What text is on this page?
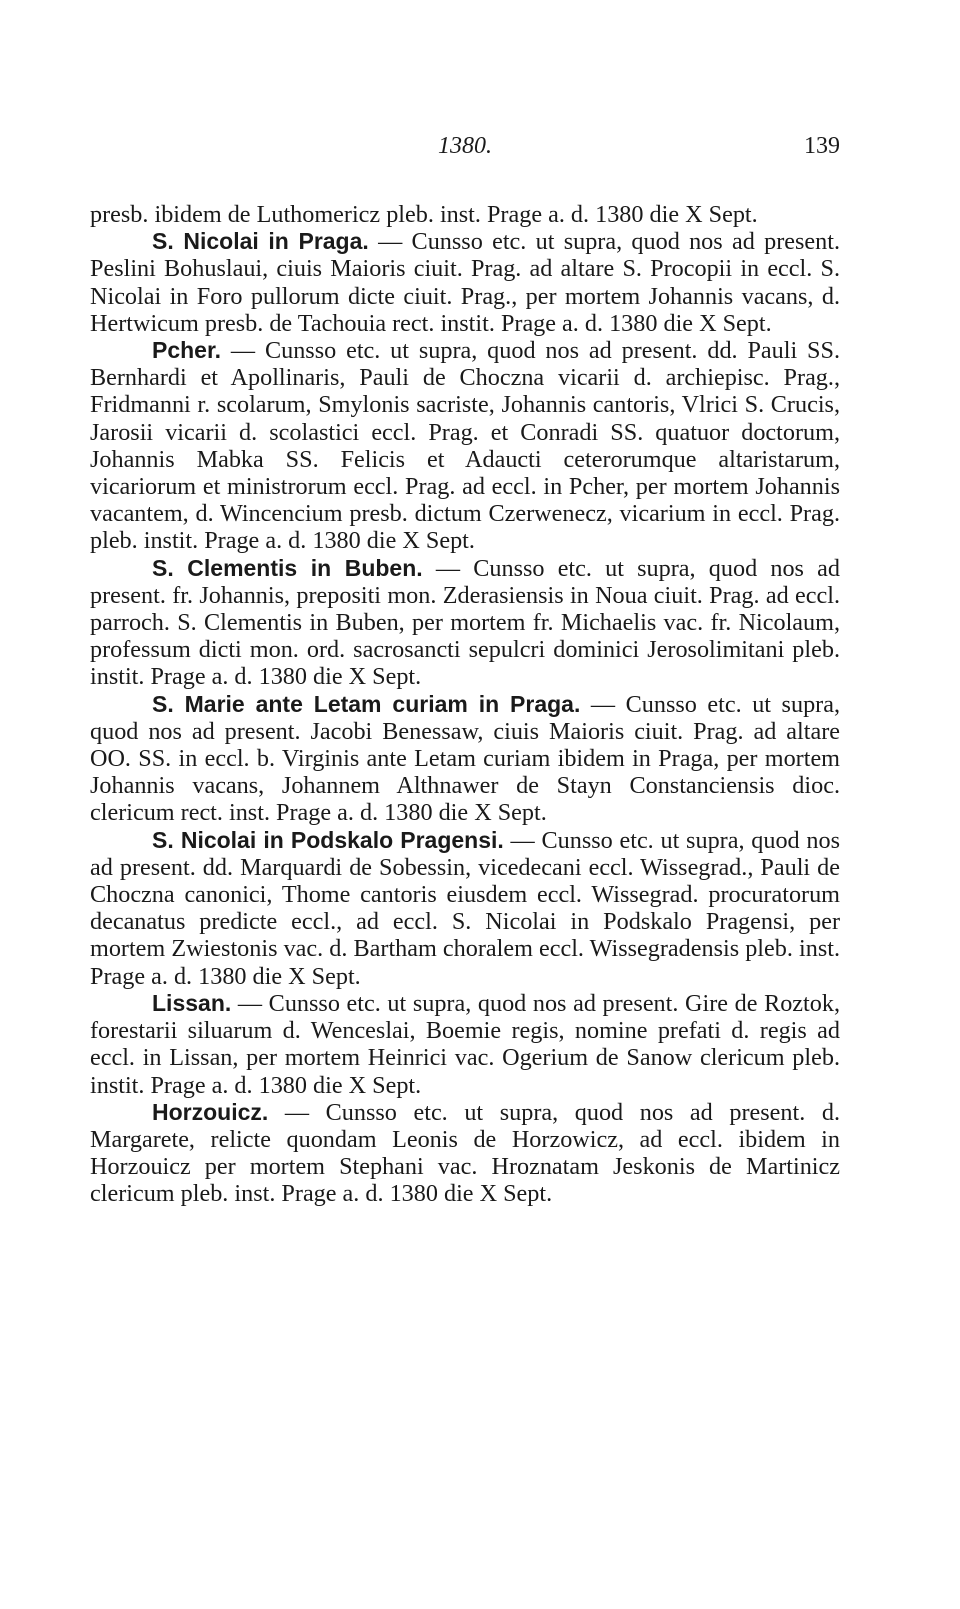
1380.	139

presb. ibidem de Luthomericz pleb. inst. Prage a. d. 1380 die X Sept.

S. Nicolai in Praga. — Cunsso etc. ut supra, quod nos ad present. Peslini Bohuslaui, ciuis Maioris ciuit. Prag. ad altare S. Procopii in eccl. S. Nicolai in Foro pullorum dicte ciuit. Prag., per mortem Johannis vacans, d. Hertwicum presb. de Tachouia rect. instit. Prage a. d. 1380 die X Sept.

Pcher. — Cunsso etc. ut supra, quod nos ad present. dd. Pauli SS. Bernhardi et Apollinaris, Pauli de Choczna vicarii d. archiepisc. Prag., Fridmanni r. scolarum, Smylonis sacriste, Johannis cantoris, Vlrici S. Crucis, Jarosii vicarii d. scolastici eccl. Prag. et Conradi SS. quatuor doctorum, Johannis Mabka SS. Felicis et Adaucti ceterorumque altaristarum, vicariorum et ministrorum eccl. Prag. ad eccl. in Pcher, per mortem Johannis vacantem, d. Wincencium presb. dictum Czerwenecz, vicarium in eccl. Prag. pleb. instit. Prage a. d. 1380 die X Sept.

S. Clementis in Buben. — Cunsso etc. ut supra, quod nos ad present. fr. Johannis, prepositi mon. Zderasiensis in Noua ciuit. Prag. ad eccl. parroch. S. Clementis in Buben, per mortem fr. Michaelis vac. fr. Nicolaum, professum dicti mon. ord. sacrosancti sepulcri dominici Jerosolimitani pleb. instit. Prage a. d. 1380 die X Sept.

S. Marie ante Letam curiam in Praga. — Cunsso etc. ut supra, quod nos ad present. Jacobi Benessaw, ciuis Maioris ciuit. Prag. ad altare OO. SS. in eccl. b. Virginis ante Letam curiam ibidem in Praga, per mortem Johannis vacans, Johannem Althnawer de Stayn Constanciensis dioc. clericum rect. inst. Prage a. d. 1380 die X Sept.

S. Nicolai in Podskalo Pragensi. — Cunsso etc. ut supra, quod nos ad present. dd. Marquardi de Sobessin, vicedecani eccl. Wissegrad., Pauli de Choczna canonici, Thome cantoris eiusdem eccl. Wissegrad. procuratorum decanatus predicte eccl., ad eccl. S. Nicolai in Podskalo Pragensi, per mortem Zwiestonis vac. d. Bartham choralem eccl. Wissegradensis pleb. inst. Prage a. d. 1380 die X Sept.

Lissan. — Cunsso etc. ut supra, quod nos ad present. Gire de Roztok, forestarii siluarum d. Wenceslai, Boemie regis, nomine prefati d. regis ad eccl. in Lissan, per mortem Heinrici vac. Ogerium de Sanow clericum pleb. instit. Prage a. d. 1380 die X Sept.

Horzouicz. — Cunsso etc. ut supra, quod nos ad present. d. Margarete, relicte quondam Leonis de Horzowicz, ad eccl. ibidem in Horzouicz per mortem Stephani vac. Hroznatam Jeskonis de Martinicz clericum pleb. inst. Prage a. d. 1380 die X Sept.
